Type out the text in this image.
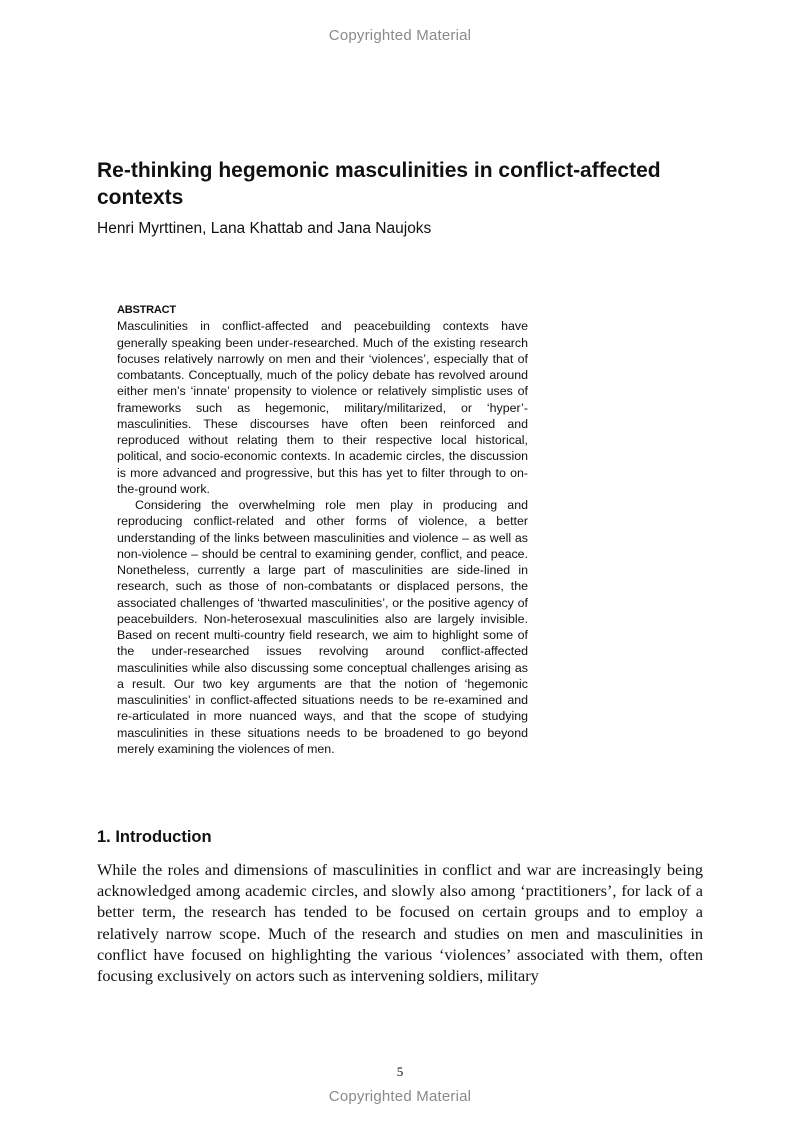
Copyrighted Material
Re-thinking hegemonic masculinities in conflict-affected contexts
Henri Myrttinen, Lana Khattab and Jana Naujoks
ABSTRACT

Masculinities in conflict-affected and peacebuilding contexts have generally speaking been under-researched. Much of the existing research focuses relatively narrowly on men and their ‘violences’, especially that of combatants. Conceptually, much of the policy debate has revolved around either men’s ‘innate’ propensity to violence or relatively simplistic uses of frameworks such as hegemonic, military/militarized, or ‘hyper’-masculinities. These discourses have often been reinforced and reproduced without relating them to their respective local historical, political, and socio-economic contexts. In academic circles, the discussion is more advanced and progressive, but this has yet to filter through to on-the-ground work.

Considering the overwhelming role men play in producing and reproducing conflict-related and other forms of violence, a better understanding of the links between masculinities and violence – as well as non-violence – should be central to examining gender, conflict, and peace. Nonetheless, currently a large part of masculinities are side-lined in research, such as those of non-combatants or displaced persons, the associated challenges of ‘thwarted masculinities’, or the positive agency of peacebuilders. Non-heterosexual masculinities also are largely invisible. Based on recent multi-country field research, we aim to highlight some of the under-researched issues revolving around conflict-affected masculinities while also discussing some conceptual challenges arising as a result. Our two key arguments are that the notion of ‘hegemonic masculinities’ in conflict-affected situations needs to be re-examined and re-articulated in more nuanced ways, and that the scope of studying masculinities in these situations needs to be broadened to go beyond merely examining the violences of men.

1. Introduction

While the roles and dimensions of masculinities in conflict and war are increasingly being acknowledged among academic circles, and slowly also among ‘practitioners’, for lack of a better term, the research has tended to be focused on certain groups and to employ a relatively narrow scope. Much of the research and studies on men and masculinities in conflict have focused on highlighting the various ‘violences’ associated with them, often focusing exclusively on actors such as intervening soldiers, military

5
Copyrighted Material
